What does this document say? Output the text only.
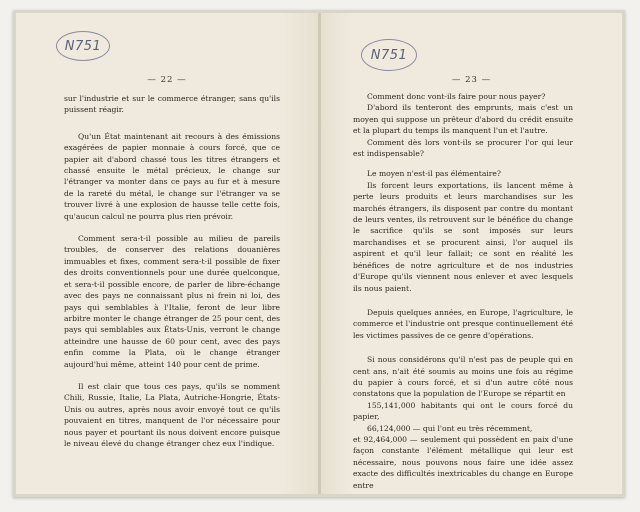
N751
— 22 —

sur l'industrie et sur le commerce étranger, sans qu'ils puissent réagir.

Qu'un État maintenant ait recours à des émissions exagérées de papier monnaie à cours forcé, que ce papier ait d'abord chassé tous les titres étrangers et chassé ensuite le métal précieux, le change sur l'étranger va monter dans ce pays au fur et à mesure de la rareté du métal, le change sur l'étranger va se trouver livré à une explosion de hausse telle cette fois, qu'aucun calcul ne pourra plus rien prévoir.

Comment sera-t-il possible au milieu de pareils troubles, de conserver des relations douanières immuables et fixes, comment sera-t-il possible de fixer des droits conventionnels pour une durée quelconque, et sera-t-il possible encore, de parler de libre-échange avec des pays ne connaissant plus ni frein ni loi, des pays qui semblables à l'Italie, feront de leur libre arbitre monter le change étranger de 25 pour cent, des pays qui semblables aux États-Unis, verront le change atteindre une hausse de 60 pour cent, avec des pays enfin comme la Plata, où le change étranger aujourd'hui même, atteint 140 pour cent de prime.

Il est clair que tous ces pays, qu'ils se nomment Chili, Russie, Italie, La Plata, Autriche-Hongrie, États-Unis ou autres, après nous avoir envoyé tout ce qu'ils pouvaient en titres, manquent de l'or nécessaire pour nous payer et pourtant ils nous doivent encore puisque le niveau élevé du change étranger chez eux l'indique.

N751
— 23 —

Comment donc vont-ils faire pour nous payer?

D'abord ils tenteront des emprunts, mais c'est un moyen qui suppose un prêteur d'abord du crédit ensuite et la plupart du temps ils manquent l'un et l'autre.

Comment dès lors vont-ils se procurer l'or qui leur est indispensable?

Le moyen n'est-il pas élémentaire?

Ils forcent leurs exportations, ils lancent même à perte leurs produits et leurs marchandises sur les marchés étrangers, ils disposent par contre du montant de leurs ventes, ils retrouvent sur le bénéfice du change le sacrifice qu'ils se sont imposés sur leurs marchandises et se procurent ainsi, l'or auquel ils aspirent et qu'il leur fallait; ce sont en réalité les bénéfices de notre agriculture et de nos industries d'Europe qu'ils viennent nous enlever et avec lesquels ils nous paient.

Depuis quelques années, en Europe, l'agriculture, le commerce et l'industrie ont presque continuellement été les victimes passives de ce genre d'opérations.

Si nous considérons qu'il n'est pas de peuple qui en cent ans, n'ait été soumis au moins une fois au régime du papier à cours forcé, et si d'un autre côté nous constatons que la population de l'Europe se répartit en

155,141,000 habitants qui ont le cours forcé du papier,

66,124,000 — qui l'ont eu très récemment,

et 92,464,000 — seulement qui possèdent en paix d'une façon constante l'élément métallique qui leur est nécessaire, nous pouvons nous faire une idée assez exacte des difficultés inextricables du change en Europe entre
